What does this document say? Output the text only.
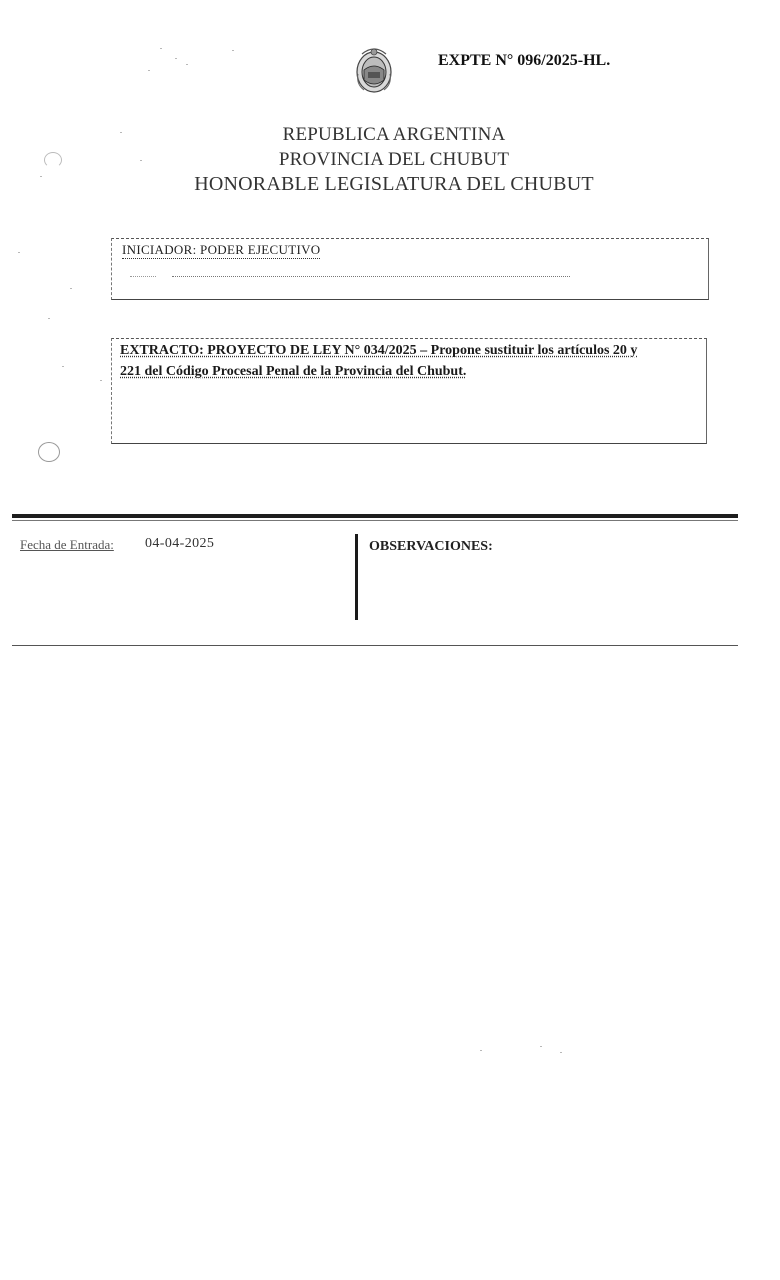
EXPTE N° 096/2025-HL.
REPUBLICA ARGENTINA
PROVINCIA DEL CHUBUT
HONORABLE LEGISLATURA DEL CHUBUT
INICIADOR: PODER EJECUTIVO
EXTRACTO: PROYECTO DE LEY N° 034/2025 – Propone sustituir los artículos 20 y
221 del Código Procesal Penal de la Provincia del Chubut.
Fecha de Entrada: 04-04-2025	OBSERVACIONES:
